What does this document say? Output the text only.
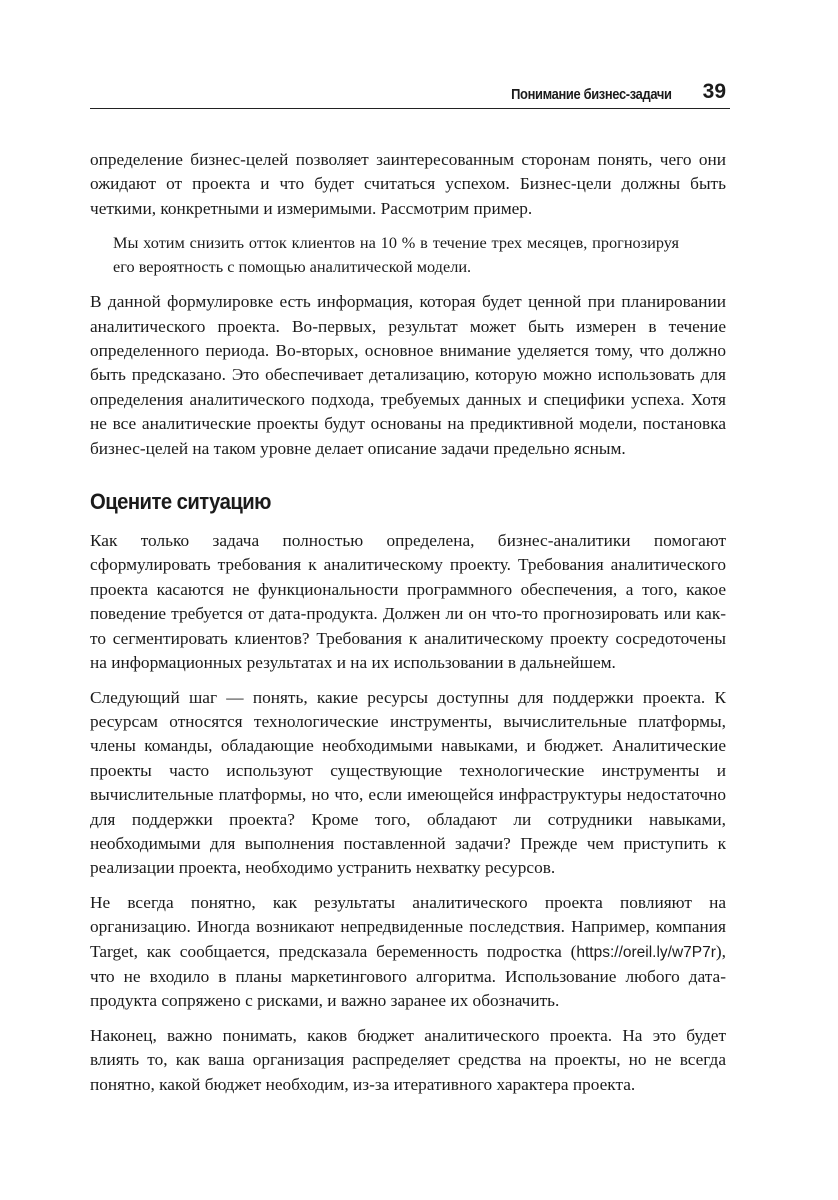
Понимание бизнес-задачи 39

определение бизнес-целей позволяет заинтересованным сторонам понять, чего они ожидают от проекта и что будет считаться успехом. Бизнес-цели должны быть четкими, конкретными и измеримыми. Рассмотрим пример.

Мы хотим снизить отток клиентов на 10 % в течение трех месяцев, прогнозируя его вероятность с помощью аналитической модели.

В данной формулировке есть информация, которая будет ценной при планировании аналитического проекта. Во-первых, результат может быть измерен в течение определенного периода. Во-вторых, основное внимание уделяется тому, что должно быть предсказано. Это обеспечивает детализацию, которую можно использовать для определения аналитического подхода, требуемых данных и специфики успеха. Хотя не все аналитические проекты будут основаны на предиктивной модели, постановка бизнес-целей на таком уровне делает описание задачи предельно ясным.

Оцените ситуацию

Как только задача полностью определена, бизнес-аналитики помогают сформулировать требования к аналитическому проекту. Требования аналитического проекта касаются не функциональности программного обеспечения, а того, какое поведение требуется от дата-продукта. Должен ли он что-то прогнозировать или как-то сегментировать клиентов? Требования к аналитическому проекту сосредоточены на информационных результатах и на их использовании в дальнейшем.

Следующий шаг — понять, какие ресурсы доступны для поддержки проекта. К ресурсам относятся технологические инструменты, вычислительные платформы, члены команды, обладающие необходимыми навыками, и бюджет. Аналитические проекты часто используют существующие технологические инструменты и вычислительные платформы, но что, если имеющейся инфраструктуры недостаточно для поддержки проекта? Кроме того, обладают ли сотрудники навыками, необходимыми для выполнения поставленной задачи? Прежде чем приступить к реализации проекта, необходимо устранить нехватку ресурсов.

Не всегда понятно, как результаты аналитического проекта повлияют на организацию. Иногда возникают непредвиденные последствия. Например, компания Target, как сообщается, предсказала беременность подростка (https://oreil.ly/w7P7r), что не входило в планы маркетингового алгоритма. Использование любого дата-продукта сопряжено с рисками, и важно заранее их обозначить.

Наконец, важно понимать, каков бюджет аналитического проекта. На это будет влиять то, как ваша организация распределяет средства на проекты, но не всегда понятно, какой бюджет необходим, из-за итеративного характера проекта.
